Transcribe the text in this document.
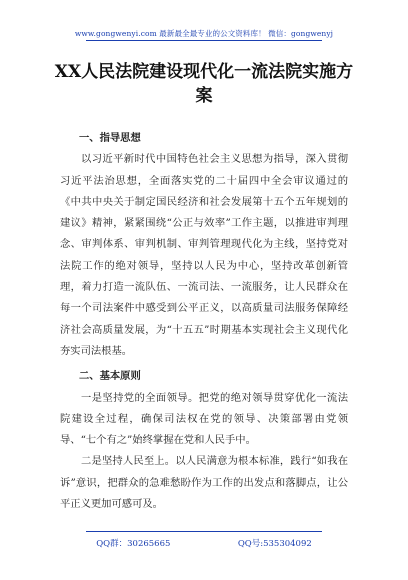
www.gongwenyi.com 最新最全最专业的公文资料库！ 微信：gongwenyj
XX人民法院建设现代化一流法院实施方案
一、指导思想

以习近平新时代中国特色社会主义思想为指导，深入贯彻习近平法治思想，全面落实党的二十届四中全会审议通过的《中共中央关于制定国民经济和社会发展第十五个五年规划的建议》精神，紧紧围绕“公正与效率”工作主题，以推进审判理念、审判体系、审判机制、审判管理现代化为主线，坚持党对法院工作的绝对领导，坚持以人民为中心，坚持改革创新管理，着力打造一流队伍、一流司法、一流服务，让人民群众在每一个司法案件中感受到公平正义，以高质量司法服务保障经济社会高质量发展，为“十五五”时期基本实现社会主义现代化夯实司法根基。

二、基本原则

一是坚持党的全面领导。把党的绝对领导贯穿优化一流法院建设全过程，确保司法权在党的领导、决策部署由党领导、“七个有之”始终掌握在党和人民手中。

二是坚持人民至上。以人民满意为根本标准，践行“如我在诉”意识，把群众的急难愁盼作为工作的出发点和落脚点，让公平正义更加可感可及。

QQ群：30265665	QQ号:535304092
